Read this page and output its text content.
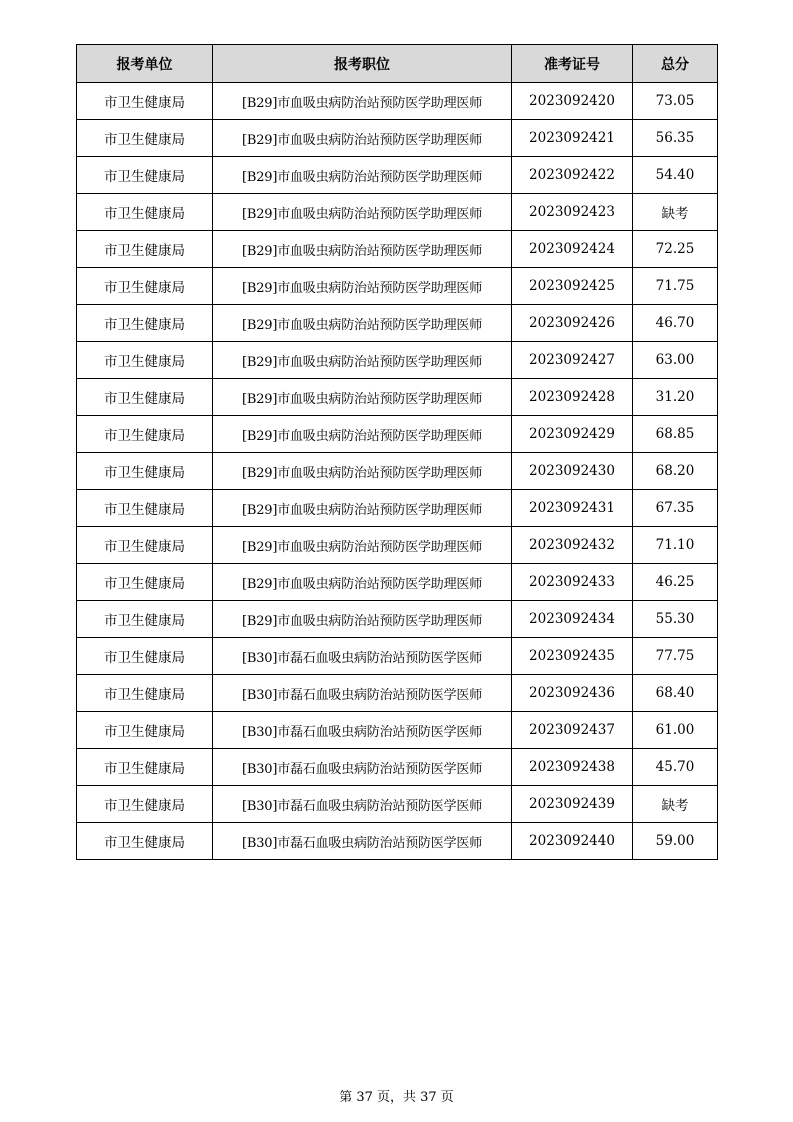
报考单位	报考职位	准考证号	总分
市卫生健康局	[B29]市血吸虫病防治站预防医学助理医师	2023092420	73.05
市卫生健康局	[B29]市血吸虫病防治站预防医学助理医师	2023092421	56.35
市卫生健康局	[B29]市血吸虫病防治站预防医学助理医师	2023092422	54.40
市卫生健康局	[B29]市血吸虫病防治站预防医学助理医师	2023092423	缺考
市卫生健康局	[B29]市血吸虫病防治站预防医学助理医师	2023092424	72.25
市卫生健康局	[B29]市血吸虫病防治站预防医学助理医师	2023092425	71.75
市卫生健康局	[B29]市血吸虫病防治站预防医学助理医师	2023092426	46.70
市卫生健康局	[B29]市血吸虫病防治站预防医学助理医师	2023092427	63.00
市卫生健康局	[B29]市血吸虫病防治站预防医学助理医师	2023092428	31.20
市卫生健康局	[B29]市血吸虫病防治站预防医学助理医师	2023092429	68.85
市卫生健康局	[B29]市血吸虫病防治站预防医学助理医师	2023092430	68.20
市卫生健康局	[B29]市血吸虫病防治站预防医学助理医师	2023092431	67.35
市卫生健康局	[B29]市血吸虫病防治站预防医学助理医师	2023092432	71.10
市卫生健康局	[B29]市血吸虫病防治站预防医学助理医师	2023092433	46.25
市卫生健康局	[B29]市血吸虫病防治站预防医学助理医师	2023092434	55.30
市卫生健康局	[B30]市磊石血吸虫病防治站预防医学医师	2023092435	77.75
市卫生健康局	[B30]市磊石血吸虫病防治站预防医学医师	2023092436	68.40
市卫生健康局	[B30]市磊石血吸虫病防治站预防医学医师	2023092437	61.00
市卫生健康局	[B30]市磊石血吸虫病防治站预防医学医师	2023092438	45.70
市卫生健康局	[B30]市磊石血吸虫病防治站预防医学医师	2023092439	缺考
市卫生健康局	[B30]市磊石血吸虫病防治站预防医学医师	2023092440	59.00
第 37 页，共 37 页
